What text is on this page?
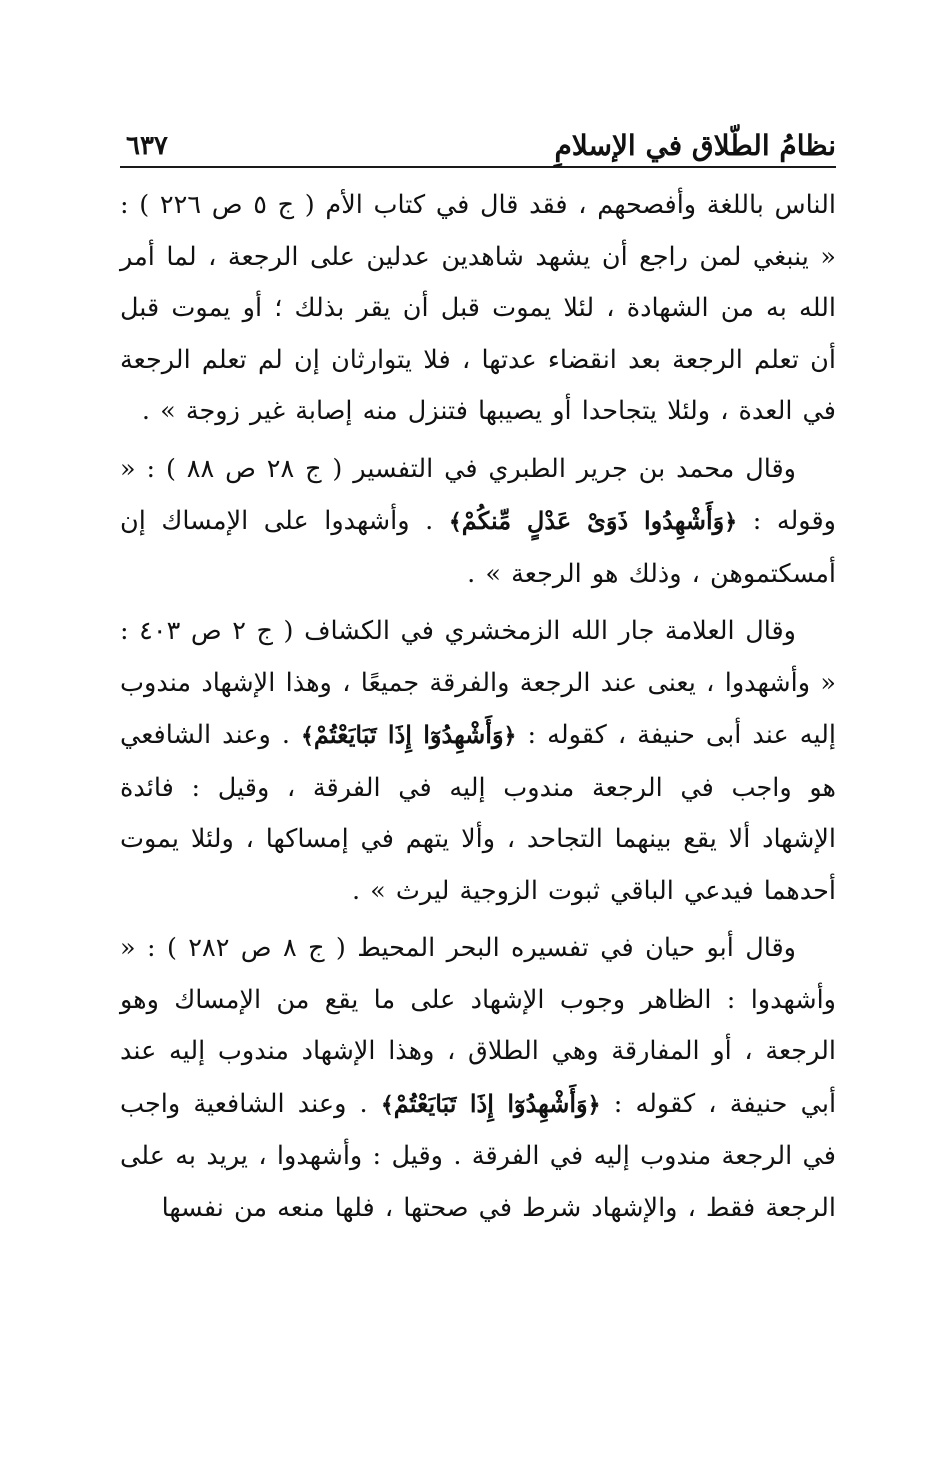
نظامُ الطّلاق في الإسلامِ
٦٣٧

الناس باللغة وأفصحهم ، فقد قال في كتاب الأم ( ج ٥ ص ٢٢٦ ) : « ينبغي لمن راجع أن يشهد شاهدين عدلين على الرجعة ، لما أمر الله به من الشهادة ، لئلا يموت قبل أن يقر بذلك ؛ أو يموت قبل أن تعلم الرجعة بعد انقضاء عدتها ، فلا يتوارثان إن لم تعلم الرجعة في العدة ، ولئلا يتجاحدا أو يصيبها فتنزل منه إصابة غير زوجة » .

وقال محمد بن جرير الطبري في التفسير ( ج ٢٨ ص ٨٨ ) : « وقوله : ﴿وَأَشْهِدُوا ذَوَىْ عَدْلٍ مِّنكُمْ﴾ . وأشهدوا على الإمساك إن أمسكتموهن ، وذلك هو الرجعة » .

وقال العلامة جار الله الزمخشري في الكشاف ( ج ٢ ص ٤٠٣ : « وأشهدوا ، يعنى عند الرجعة والفرقة جميعًا ، وهذا الإشهاد مندوب إليه عند أبى حنيفة ، كقوله : ﴿وَأَشْهِدُوٓا إِذَا تَبَايَعْتُمْ﴾ . وعند الشافعي هو واجب في الرجعة مندوب إليه في الفرقة ، وقيل : فائدة الإشهاد ألا يقع بينهما التجاحد ، وألا يتهم في إمساكها ، ولئلا يموت أحدهما فيدعي الباقي ثبوت الزوجية ليرث » .

وقال أبو حيان في تفسيره البحر المحيط ( ج ٨ ص ٢٨٢ ) : « وأشهدوا : الظاهر وجوب الإشهاد على ما يقع من الإمساك وهو الرجعة ، أو المفارقة وهي الطلاق ، وهذا الإشهاد مندوب إليه عند أبي حنيفة ، كقوله : ﴿وَأَشْهِدُوٓا إِذَا تَبَايَعْتُمْ﴾ . وعند الشافعية واجب في الرجعة مندوب إليه في الفرقة . وقيل : وأشهدوا ، يريد به على الرجعة فقط ، والإشهاد شرط في صحتها ، فلها منعه من نفسها
